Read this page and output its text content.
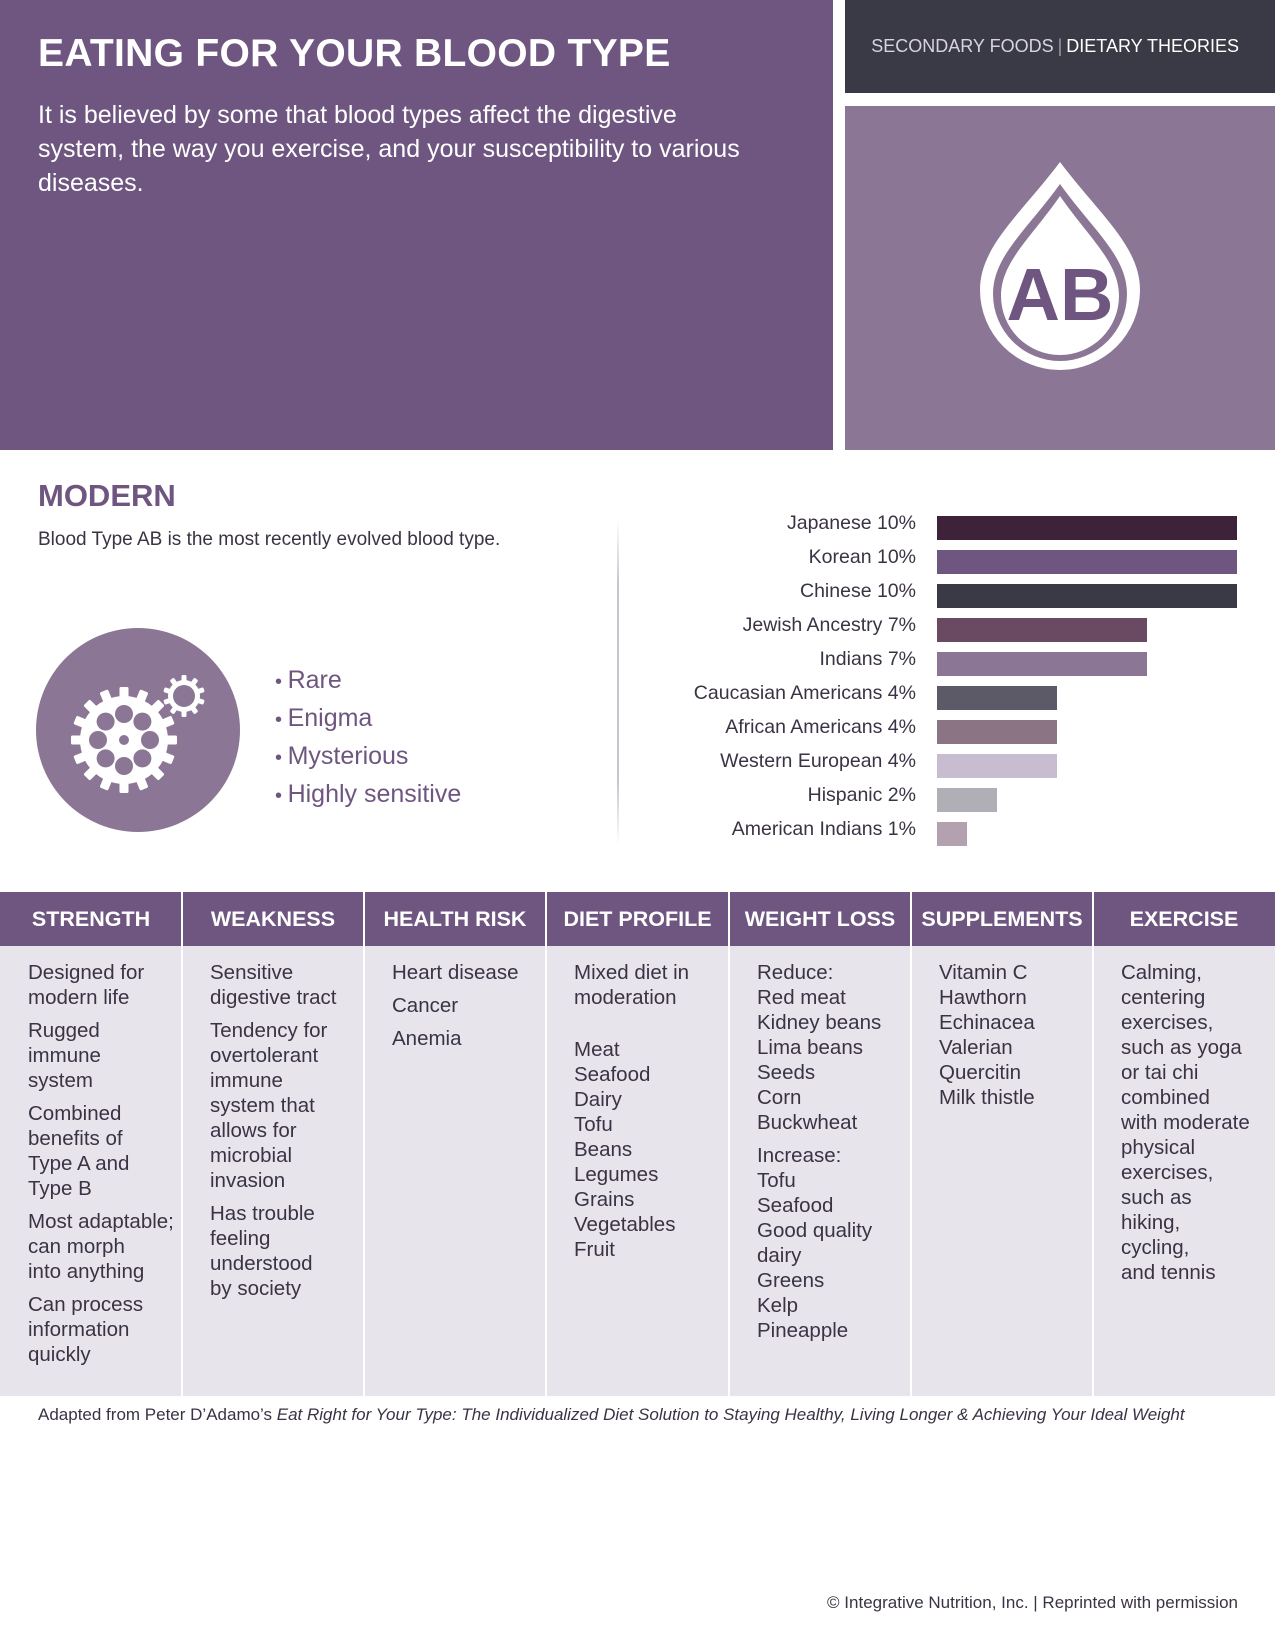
EATING FOR YOUR BLOOD TYPE

It is believed by some that blood types affect the digestive system, the way you exercise, and your susceptibility to various diseases.

SECONDARY FOODS | DIETARY THEORIES
AB
MODERN
Blood Type AB is the most recently evolved blood type.
• Rare
• Enigma
• Mysterious
• Highly sensitive
Japanese 10%
Korean 10%
Chinese 10%
Jewish Ancestry 7%
Indians 7%
Caucasian Americans 4%
African Americans 4%
Western European 4%
Hispanic 2%
American Indians 1%
STRENGTH
Designed for
modern life
Rugged
immune
system
Combined
benefits of
Type A and
Type B
Most adaptable;
can morph
into anything
Can process
information
quickly
WEAKNESS
Sensitive
digestive tract
Tendency for
overtolerant
immune
system that
allows for
microbial
invasion
Has trouble
feeling
understood
by society
HEALTH RISK
Heart disease
Cancer
Anemia
DIET PROFILE
Mixed diet in
moderation
Meat
Seafood
Dairy
Tofu
Beans
Legumes
Grains
Vegetables
Fruit
WEIGHT LOSS
Reduce:
Red meat
Kidney beans
Lima beans
Seeds
Corn
Buckwheat
Increase:
Tofu
Seafood
Good quality
dairy
Greens
Kelp
Pineapple
SUPPLEMENTS
Vitamin C
Hawthorn
Echinacea
Valerian
Quercitin
Milk thistle
EXERCISE
Calming,
centering
exercises,
such as yoga
or tai chi
combined
with moderate
physical
exercises,
such as
hiking,
cycling,
and tennis
Adapted from Peter D’Adamo’s Eat Right for Your Type: The Individualized Diet Solution to Staying Healthy, Living Longer & Achieving Your Ideal Weight
© Integrative Nutrition, Inc. | Reprinted with permission
